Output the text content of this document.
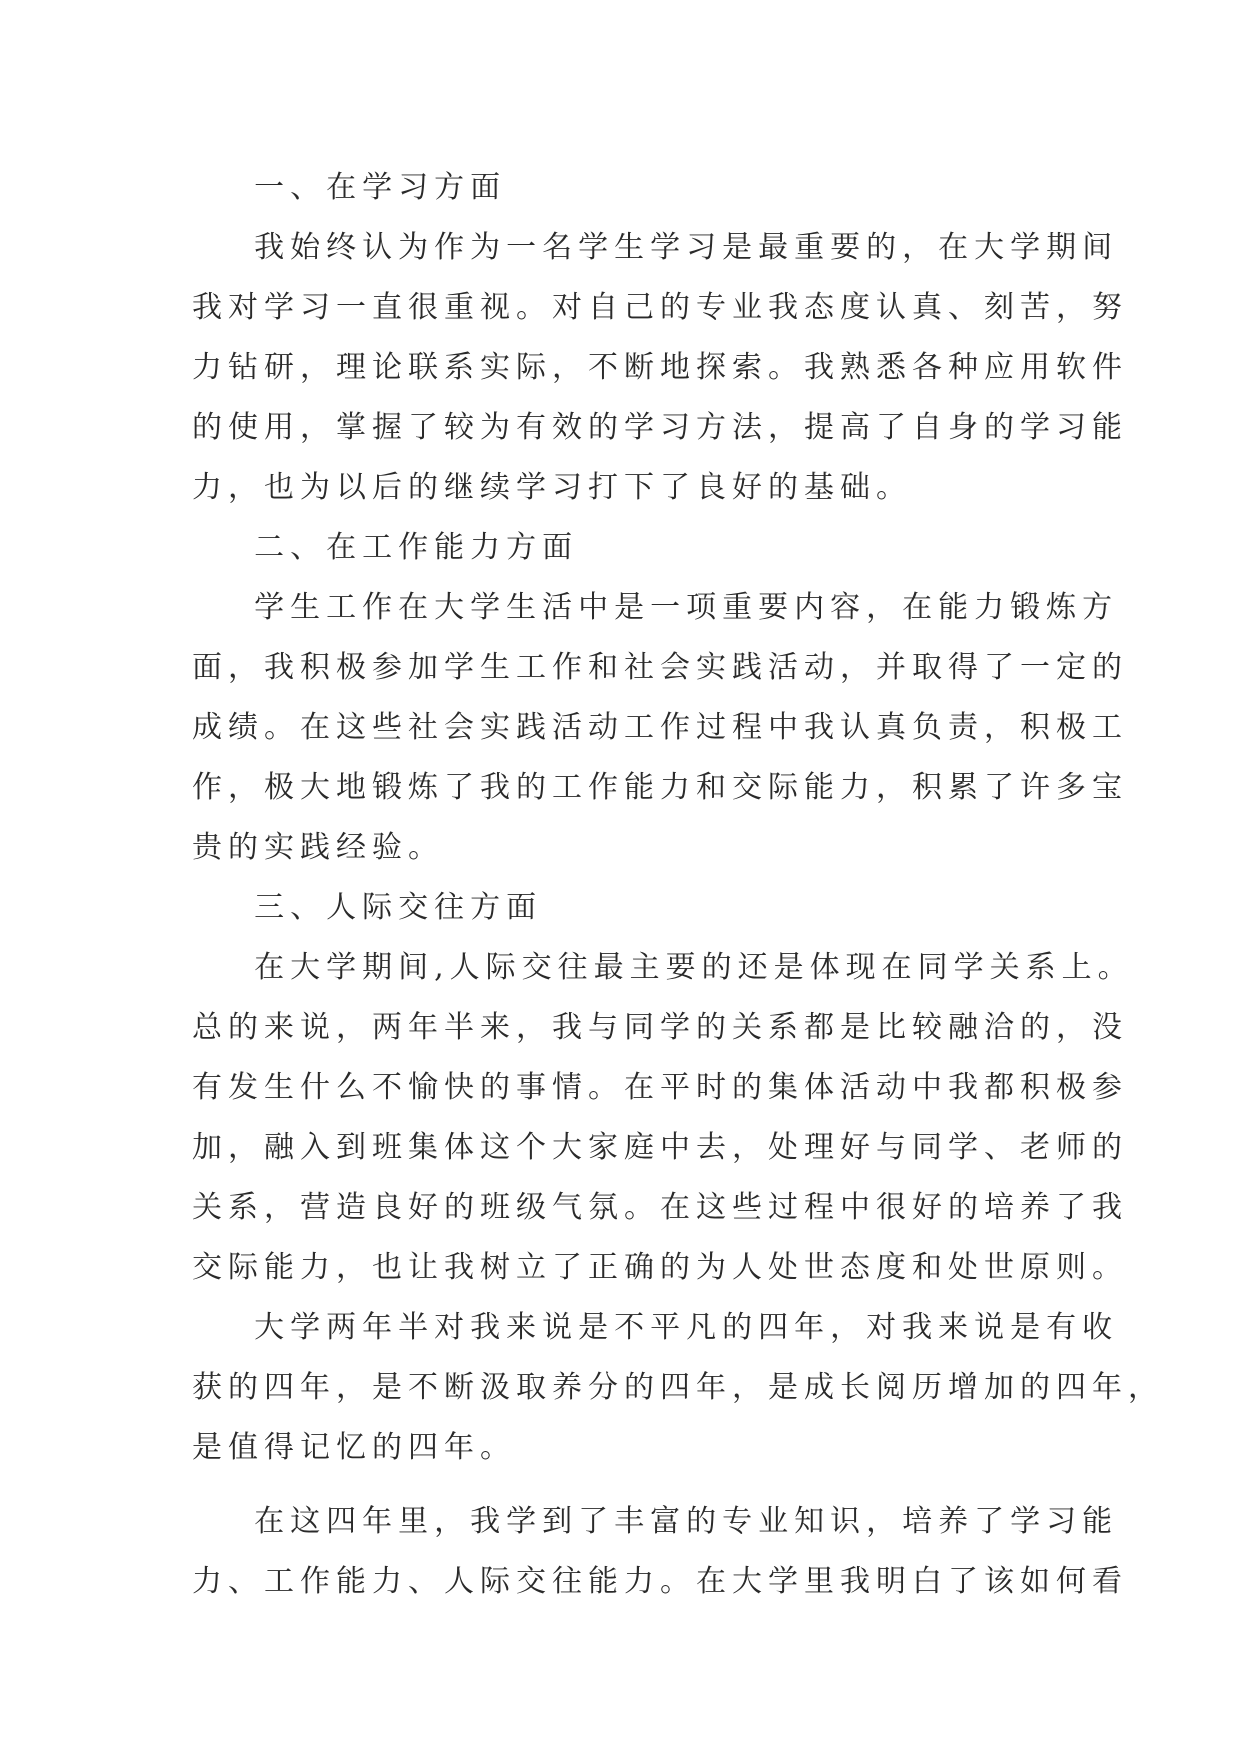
一、在学习方面
我始终认为作为一名学生学习是最重要的，在大学期间
我对学习一直很重视。对自己的专业我态度认真、刻苦，努
力钻研，理论联系实际，不断地探索。我熟悉各种应用软件
的使用，掌握了较为有效的学习方法，提高了自身的学习能
力，也为以后的继续学习打下了良好的基础。
二、在工作能力方面
学生工作在大学生活中是一项重要内容，在能力锻炼方
面，我积极参加学生工作和社会实践活动，并取得了一定的
成绩。在这些社会实践活动工作过程中我认真负责，积极工
作，极大地锻炼了我的工作能力和交际能力，积累了许多宝
贵的实践经验。
三、人际交往方面
在大学期间,人际交往最主要的还是体现在同学关系上。
总的来说，两年半来，我与同学的关系都是比较融洽的，没
有发生什么不愉快的事情。在平时的集体活动中我都积极参
加，融入到班集体这个大家庭中去，处理好与同学、老师的
关系，营造良好的班级气氛。在这些过程中很好的培养了我
交际能力，也让我树立了正确的为人处世态度和处世原则。
大学两年半对我来说是不平凡的四年，对我来说是有收
获的四年，是不断汲取养分的四年，是成长阅历增加的四年，
是值得记忆的四年。
在这四年里，我学到了丰富的专业知识，培养了学习能
力、工作能力、人际交往能力。在大学里我明白了该如何看
